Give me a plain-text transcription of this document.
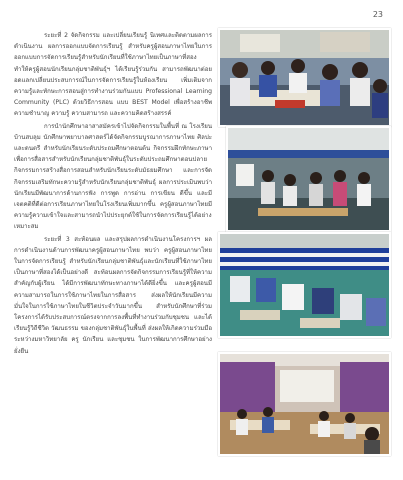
23

ระยะที่ 2 จัดกิจกรรม และเปลี่ยนเรียนรู้ นิเทศและติดตามผลการดำเนินงาน ผลการออกแบบจัดการเรียนรู้ สำหรับครูผู้สอนภาษาไทยในการออกแบบการจัดการเรียนรู้สำหรับนักเรียนที่ใช้ภาษาไทยเป็นภาษาที่สอง ทำให้ครูผู้สอนนักเรียนกลุ่มชาติพันธุ์ฯ ได้เรียนรู้ร่วมกัน สามารถพัฒนาต่อยอดแลกเปลี่ยนประสบการณ์ในการจัดการเรียนรู้ในห้องเรียน เพิ่มเติมจากความรู้และทักษะการสอนสู่การทำงานร่วมกันแบบ Professional Learning Community (PLC) ด้วยวิธีการสอน แบบ BEST Model เพื่อสร้างอาชีพ ความชำนาญ ความรู้ ความสามารถ และความคิดสร้างสรรค์

การนำนักศึกษาอาสาสมัครเข้าไปจัดกิจกรรมในพื้นที่ ณ โรงเรียนบ้านสบลุม นักศึกษาพยาบาลศาสตร์ได้จัดกิจกรรมบูรณาการภาษาไทย ศิลปะ และดนตรี สำหรับนักเรียนระดับประถมศึกษาตอนต้น กิจกรรมฝึกทักษะภาษาเพื่อการสื่อสารสำหรับนักเรียนกลุ่มชาติพันธุ์ในระดับประถมศึกษาตอนปลาย กิจกรรมการสร้างสื่อการสอนสำหรับนักเรียนระดับมัธยมศึกษา และการจัดกิจกรรมเสริมทักษะความรู้สำหรับนักเรียนกลุ่มชาติพันธุ์ ผลการประเมินพบว่า นักเรียนมีพัฒนาการด้านการฟัง การพูด การอ่าน การเขียน ดีขึ้น และมีเจตคติที่ดีต่อการเรียนภาษาไทยในโรงเรียนเพิ่มมากขึ้น ครูผู้สอนภาษาไทยมีความรู้ความเข้าใจและสามารถนำไปประยุกต์ใช้ในการจัดการเรียนรู้ได้อย่างเหมาะสม

ระยะที่ 3 สะท้อนผล และสรุปผลการดำเนินงานโครงการฯ ผลการดำเนินงานด้านการพัฒนาครูผู้สอนภาษาไทย พบว่า ครูผู้สอนภาษาไทยในการจัดการเรียนรู้ สำหรับนักเรียนกลุ่มชาติพันธุ์และนักเรียนที่ใช้ภาษาไทยเป็นภาษาที่สองได้เป็นอย่างดี สะท้อนผลการจัดกิจกรรมการเรียนรู้ที่ให้ความสำคัญกับผู้เรียน ได้มีการพัฒนาทักษะทางภาษาได้ดียิ่งขึ้น และครูผู้สอนมีความสามารถในการใช้ภาษาไทยในการสื่อสาร ส่งผลให้นักเรียนมีความมั่นใจในการใช้ภาษาไทยในชีวิตประจำวันมากขึ้น สำหรับนักศึกษาที่ร่วมโครงการได้รับประสบการณ์ตรงจากการลงพื้นที่ทำงานร่วมกับชุมชน และได้เรียนรู้วิถีชีวิต วัฒนธรรม ของกลุ่มชาติพันธุ์ในพื้นที่ ส่งผลให้เกิดความร่วมมือระหว่างมหาวิทยาลัย ครู นักเรียน และชุมชน ในการพัฒนาการศึกษาอย่างยั่งยืน
